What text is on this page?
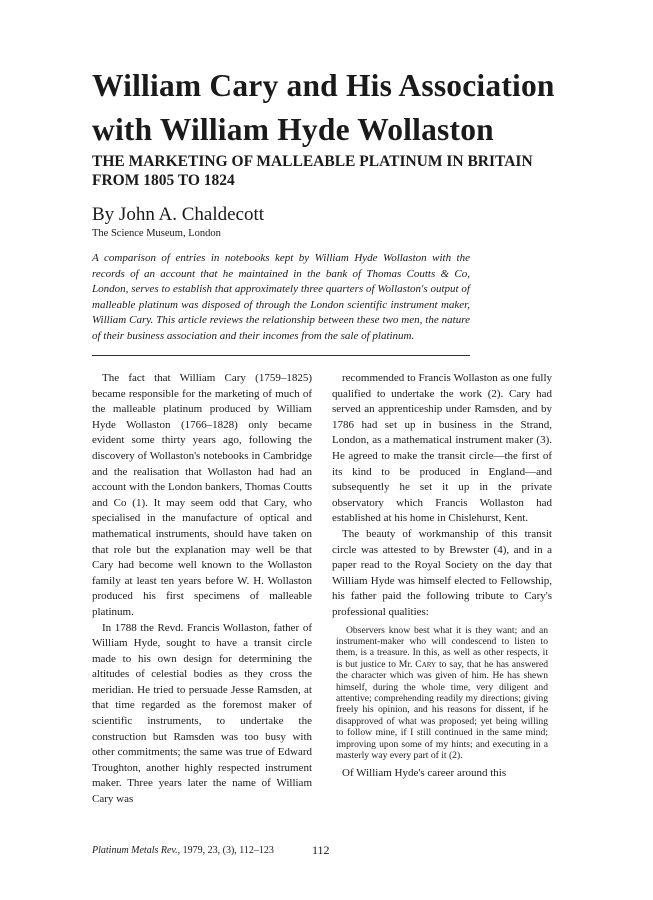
William Cary and His Association with William Hyde Wollaston
THE MARKETING OF MALLEABLE PLATINUM IN BRITAIN FROM 1805 TO 1824

By John A. Chaldecott

The Science Museum, London

A comparison of entries in notebooks kept by William Hyde Wollaston with the records of an account that he maintained in the bank of Thomas Coutts & Co, London, serves to establish that approximately three quarters of Wollaston's output of malleable platinum was disposed of through the London scientific instrument maker, William Cary. This article reviews the relationship between these two men, the nature of their business association and their incomes from the sale of platinum.

The fact that William Cary (1759–1825) became responsible for the marketing of much of the malleable platinum produced by William Hyde Wollaston (1766–1828) only became evident some thirty years ago, following the discovery of Wollaston's notebooks in Cambridge and the realisation that Wollaston had had an account with the London bankers, Thomas Coutts and Co (1). It may seem odd that Cary, who specialised in the manufacture of optical and mathematical instruments, should have taken on that role but the explanation may well be that Cary had become well known to the Wollaston family at least ten years before W. H. Wollaston produced his first specimens of malleable platinum.

In 1788 the Revd. Francis Wollaston, father of William Hyde, sought to have a transit circle made to his own design for determining the altitudes of celestial bodies as they cross the meridian. He tried to persuade Jesse Ramsden, at that time regarded as the foremost maker of scientific instruments, to undertake the construction but Ramsden was too busy with other commitments; the same was true of Edward Troughton, another highly respected instrument maker. Three years later the name of William Cary was

recommended to Francis Wollaston as one fully qualified to undertake the work (2). Cary had served an apprenticeship under Ramsden, and by 1786 had set up in business in the Strand, London, as a mathematical instrument maker (3). He agreed to make the transit circle—the first of its kind to be produced in England—and subsequently he set it up in the private observatory which Francis Wollaston had established at his home in Chislehurst, Kent.

The beauty of workmanship of this transit circle was attested to by Brewster (4), and in a paper read to the Royal Society on the day that William Hyde was himself elected to Fellowship, his father paid the following tribute to Cary's professional qualities:

Observers know best what it is they want; and an instrument-maker who will condescend to listen to them, is a treasure. In this, as well as other respects, it is but justice to Mr. Cary to say, that he has answered the character which was given of him. He has shewn himself, during the whole time, very diligent and attentive; comprehending readily my directions; giving freely his opinion, and his reasons for dissent, if he disapproved of what was proposed; yet being willing to follow mine, if I still continued in the same mind; improving upon some of my hints; and executing in a masterly way every part of it (2).

Of William Hyde's career around this

Platinum Metals Rev., 1979, 23, (3), 112–123	112
